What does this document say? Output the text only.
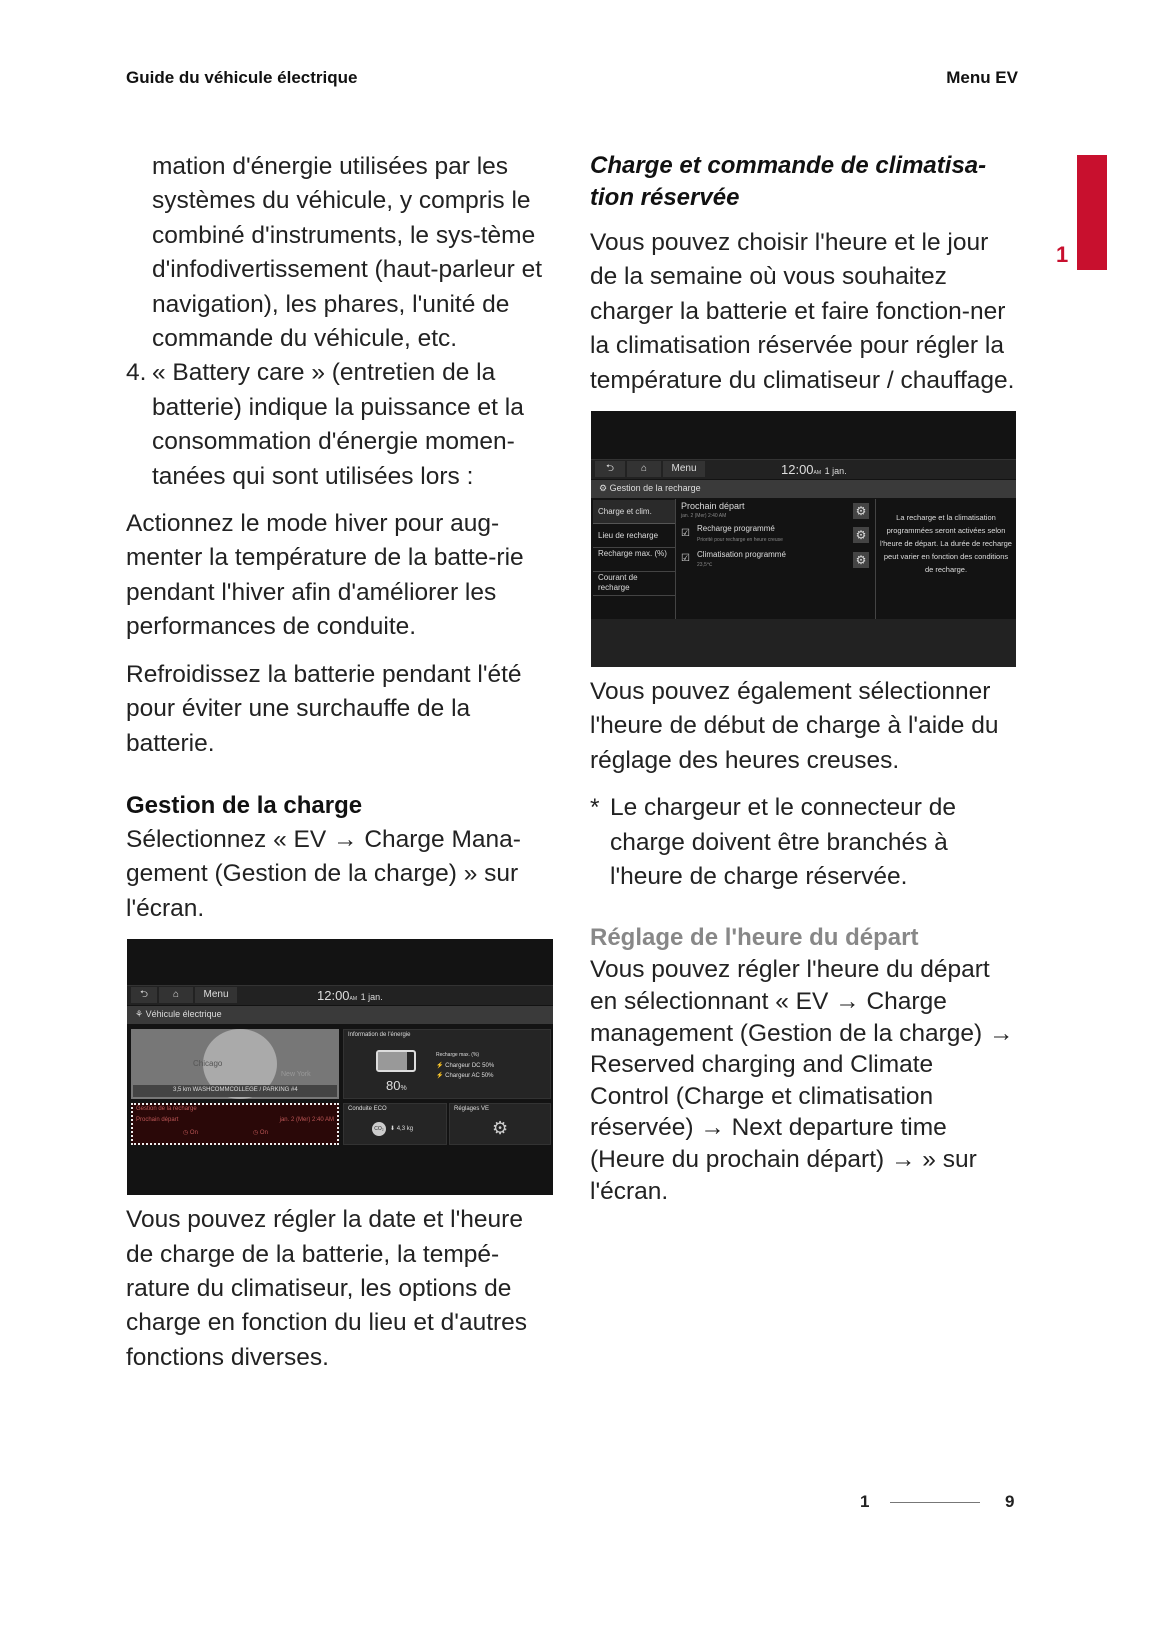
Guide du véhicule électrique	Menu EV
1
mation d'énergie utilisées par les systèmes du véhicule, y compris le combiné d'instruments, le sys-tème d'infodivertissement (haut-parleur et navigation), les phares, l'unité de commande du véhicule, etc.
4. « Battery care » (entretien de la batterie) indique la puissance et la consommation d'énergie momen-tanées qui sont utilisées lors :
Actionnez le mode hiver pour aug-menter la température de la batte-rie pendant l'hiver afin d'améliorer les performances de conduite.
Refroidissez la batterie pendant l'été pour éviter une surchauffe de la batterie.
Gestion de la charge
Sélectionnez « EV → Charge Mana-gement (Gestion de la charge) » sur l'écran.
⮌	⌂	Menu	12:00AM 1 jan.
⚘ Véhicule électrique
Chicago
New York
3,5 km WASHCOMMCOLLEGE / PARKING #4
Information de l'énergie
80%
Recharge max. (%)
⚡ Chargeur DC 50%
⚡ Chargeur AC 50%
Gestion de la recharge
Prochain départ	jan. 2 (Mer) 2:40 AM
◷ On	◷ On
Conduite ECO
CO₂	⬇ 4,3 kg
Réglages VE
⚙
Vous pouvez régler la date et l'heure de charge de la batterie, la tempé-rature du climatiseur, les options de charge en fonction du lieu et d'autres fonctions diverses.
Charge et commande de climatisa-tion réservée
Vous pouvez choisir l'heure et le jour de la semaine où vous souhaitez charger la batterie et faire fonction-ner la climatisation réservée pour régler la température du climatiseur / chauffage.
⮌	⌂	Menu	12:00AM 1 jan.
⚙ Gestion de la recharge
Charge et clim.
Lieu de recharge
Recharge max. (%)
Courant de recharge
Prochain départ
jan. 2 (Mer) 2:40 AM	⚙
☑ Recharge programmé
Priorité pour recharge en heure creuse	⚙
☑ Climatisation programmé
23,5℃	⚙
La recharge et la climatisation programmées seront activées selon l'heure de départ. La durée de recharge peut varier en fonction des conditions de recharge.
Vous pouvez également sélectionner l'heure de début de charge à l'aide du réglage des heures creuses.
* Le chargeur et le connecteur de charge doivent être branchés à l'heure de charge réservée.
Réglage de l'heure du départ
Vous pouvez régler l'heure du départ en sélectionnant « EV → Charge management (Gestion de la charge) → Reserved charging and Climate Control (Charge et climatisation réservée) → Next departure time (Heure du prochain départ) → » sur l'écran.
1	9
